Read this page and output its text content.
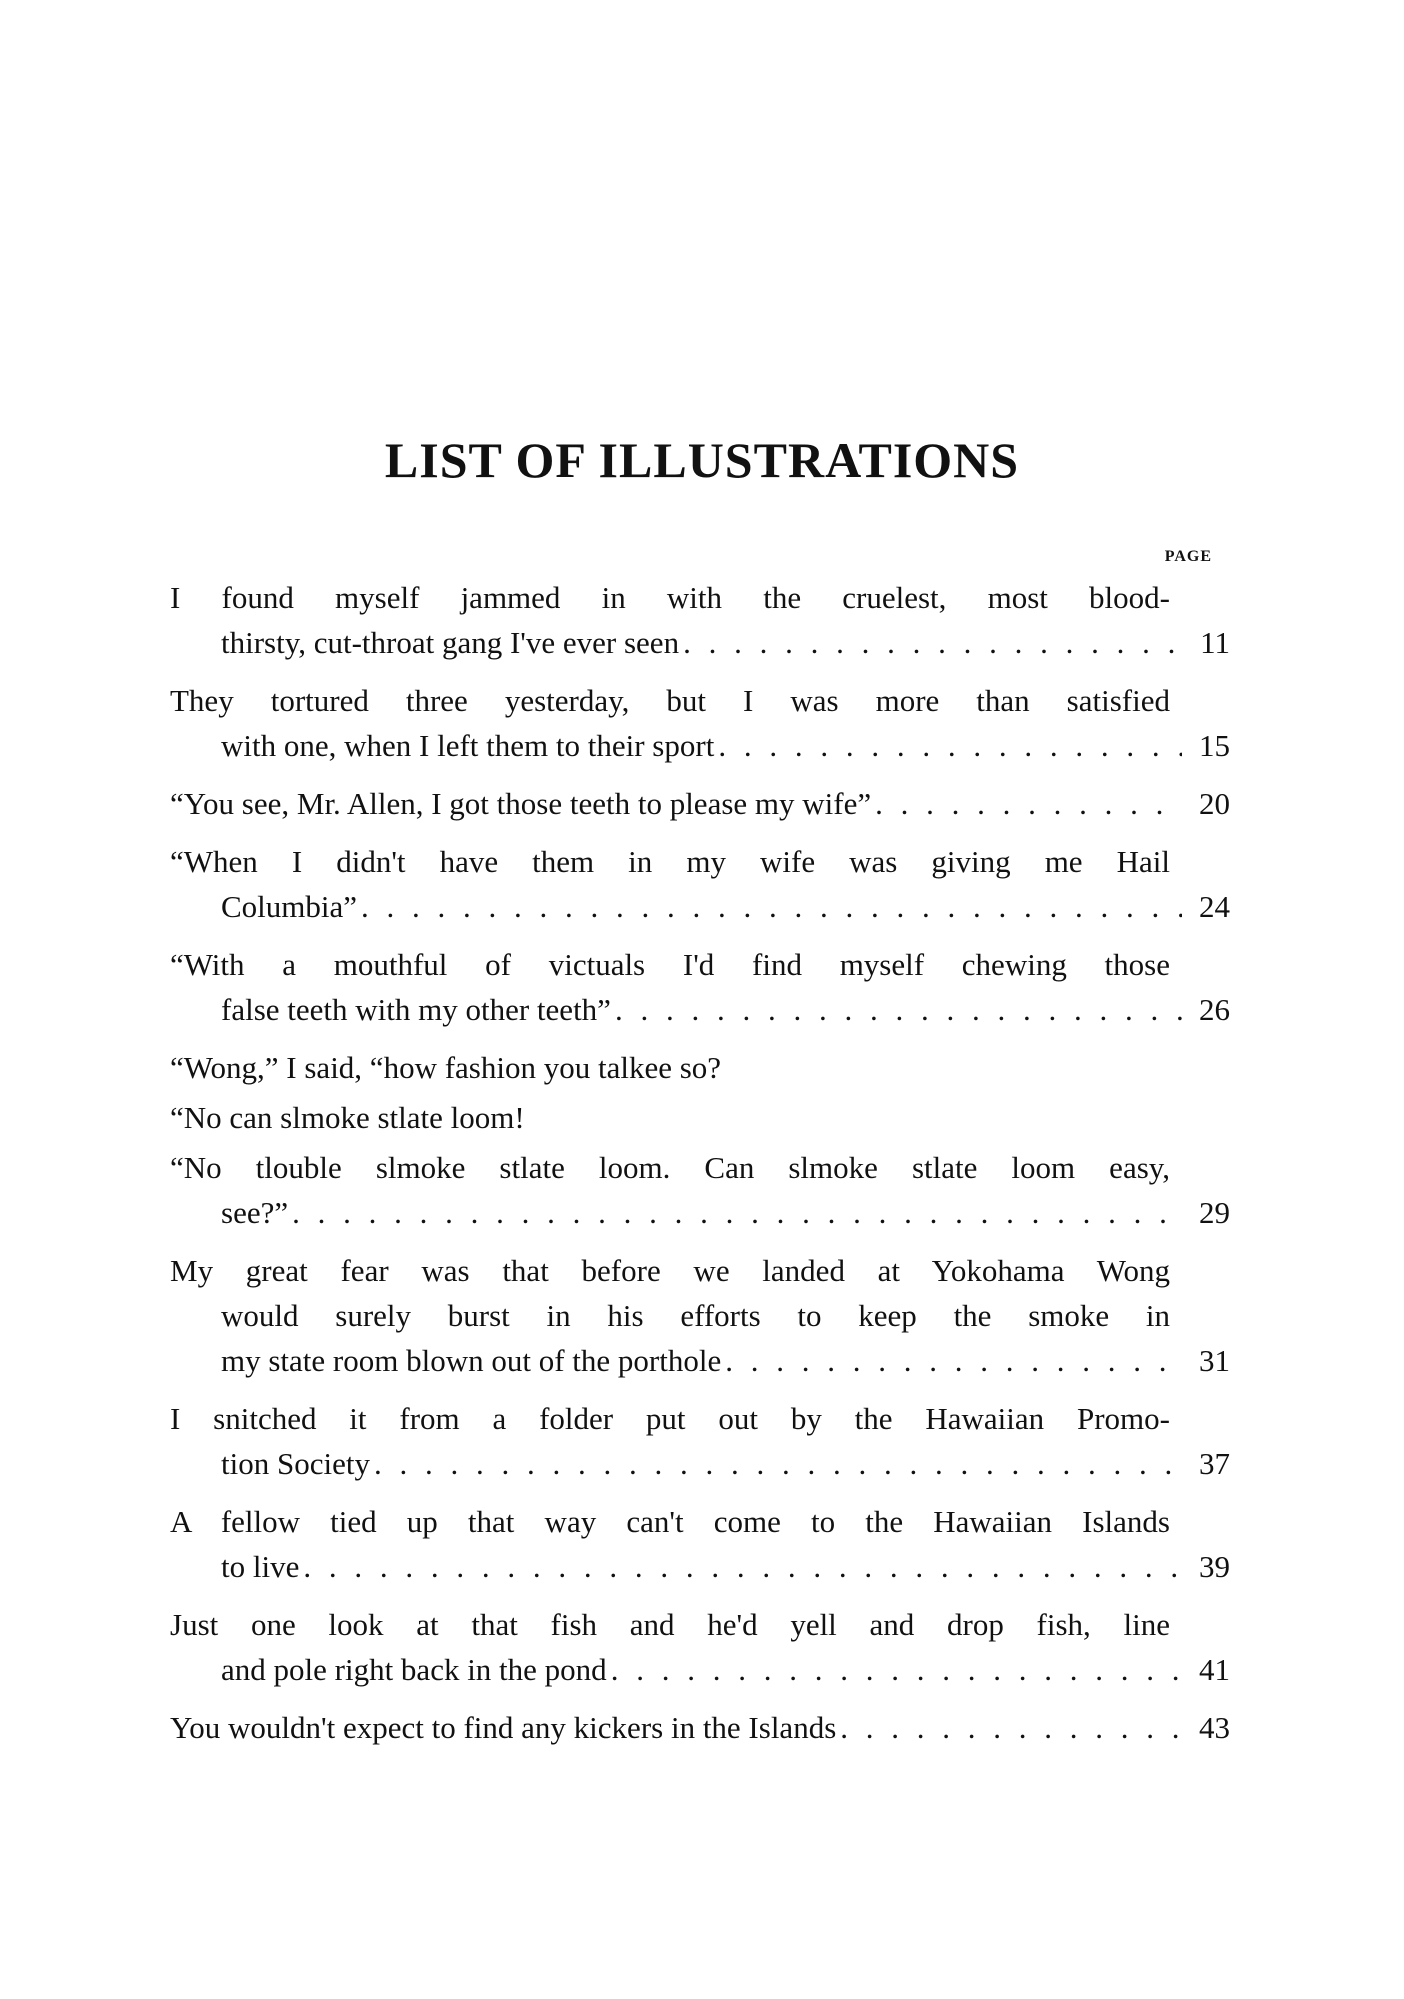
LIST OF ILLUSTRATIONS
PAGE
I found myself jammed in with the cruelest, most blood-
thirsty, cut-throat gang I've ever seen . . .	11
They tortured three yesterday, but I was more than satisfied
with one, when I left them to their sport . . .	15
“You see, Mr. Allen, I got those teeth to please my wife” . . .	20
“When I didn't have them in my wife was giving me Hail
Columbia” . . .	24
“With a mouthful of victuals I'd find myself chewing those
false teeth with my other teeth” . . .	26
“Wong,” I said, “how fashion you talkee so?
“No can slmoke stlate loom!
“No tlouble slmoke stlate loom. Can slmoke stlate loom easy,
see?” . . .	29
My great fear was that before we landed at Yokohama Wong
would surely burst in his efforts to keep the smoke in
my state room blown out of the porthole . . .	31
I snitched it from a folder put out by the Hawaiian Promo-
tion Society . . .	37
A fellow tied up that way can't come to the Hawaiian Islands
to live . . .	39
Just one look at that fish and he'd yell and drop fish, line
and pole right back in the pond . . .	41
You wouldn't expect to find any kickers in the Islands . . .	43
